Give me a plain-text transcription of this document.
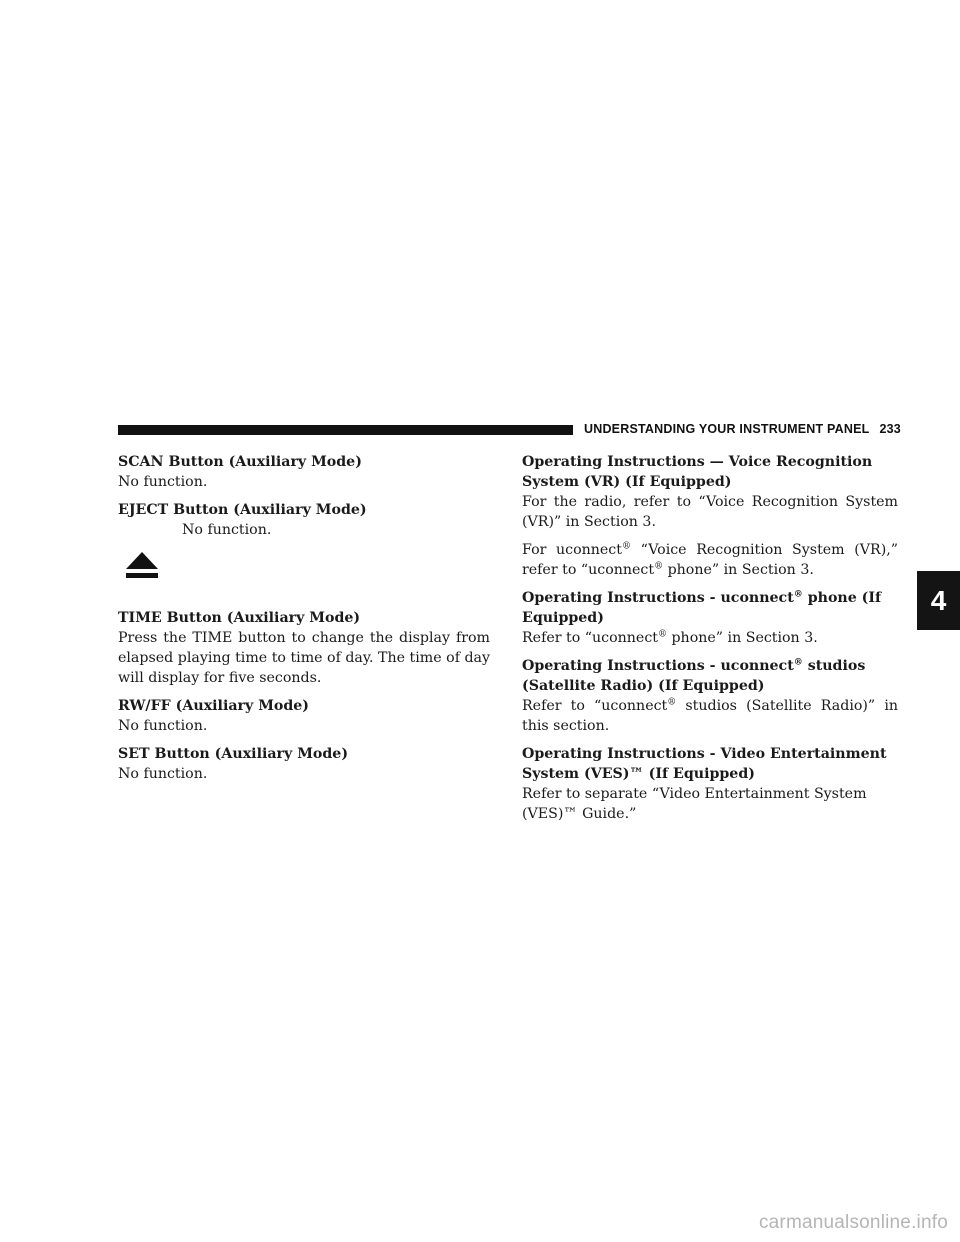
UNDERSTANDING YOUR INSTRUMENT PANEL 233

SCAN Button (Auxiliary Mode)

No function.

EJECT Button (Auxiliary Mode)

No function.

TIME Button (Auxiliary Mode)

Press the TIME button to change the display from elapsed playing time to time of day. The time of day will display for five seconds.

RW/FF (Auxiliary Mode)

No function.

SET Button (Auxiliary Mode)

No function.

Operating Instructions — Voice Recognition System (VR) (If Equipped)

For the radio, refer to “Voice Recognition System (VR)” in Section 3.

For uconnect® “Voice Recognition System (VR),” refer to “uconnect® phone” in Section 3.

Operating Instructions - uconnect® phone (If Equipped)

Refer to “uconnect® phone” in Section 3.

Operating Instructions - uconnect® studios (Satellite Radio) (If Equipped)

Refer to “uconnect® studios (Satellite Radio)” in this section.

Operating Instructions - Video Entertainment System (VES)™ (If Equipped)

Refer to separate “Video Entertainment System (VES)™ Guide.”

4
carmanualsonline.info
